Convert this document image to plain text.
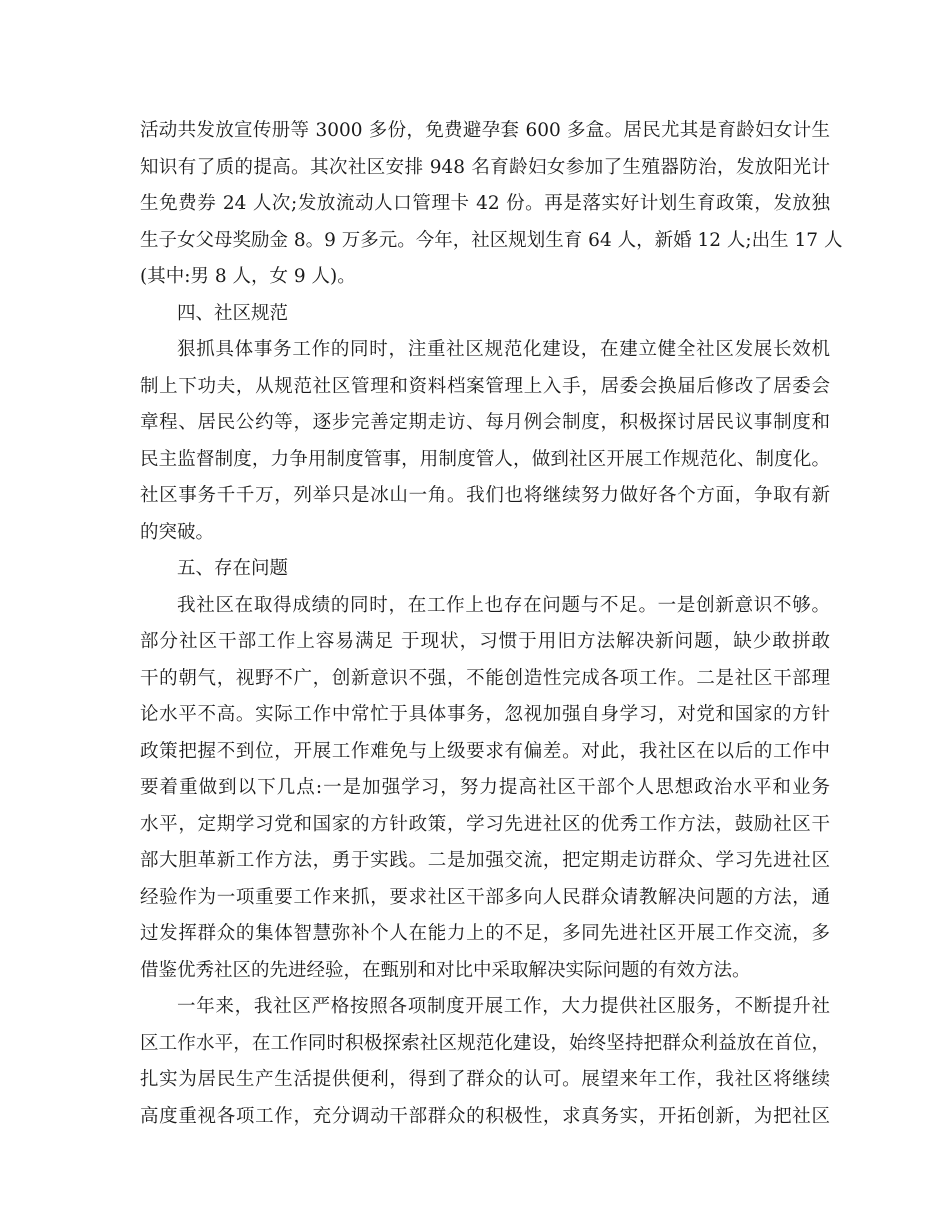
活动共发放宣传册等 3000 多份，免费避孕套 600 多盒。居民尤其是育龄妇女计生
知识有了质的提高。其次社区安排 948 名育龄妇女参加了生殖器防治，发放阳光计
生免费券 24 人次;发放流动人口管理卡 42 份。再是落实好计划生育政策，发放独
生子女父母奖励金 8。9 万多元。今年，社区规划生育 64 人，新婚 12 人;出生 17 人
(其中:男 8 人，女 9 人)。
四、社区规范
狠抓具体事务工作的同时，注重社区规范化建设，在建立健全社区发展长效机
制上下功夫，从规范社区管理和资料档案管理上入手，居委会换届后修改了居委会
章程、居民公约等，逐步完善定期走访、每月例会制度，积极探讨居民议事制度和
民主监督制度，力争用制度管事，用制度管人，做到社区开展工作规范化、制度化。
社区事务千千万，列举只是冰山一角。我们也将继续努力做好各个方面，争取有新
的突破。
五、存在问题
我社区在取得成绩的同时，在工作上也存在问题与不足。一是创新意识不够。
部分社区干部工作上容易满足 于现状，习惯于用旧方法解决新问题，缺少敢拼敢
干的朝气，视野不广，创新意识不强，不能创造性完成各项工作。二是社区干部理
论水平不高。实际工作中常忙于具体事务，忽视加强自身学习，对党和国家的方针
政策把握不到位，开展工作难免与上级要求有偏差。对此，我社区在以后的工作中
要着重做到以下几点:一是加强学习，努力提高社区干部个人思想政治水平和业务
水平，定期学习党和国家的方针政策，学习先进社区的优秀工作方法，鼓励社区干
部大胆革新工作方法，勇于实践。二是加强交流，把定期走访群众、学习先进社区
经验作为一项重要工作来抓，要求社区干部多向人民群众请教解决问题的方法，通
过发挥群众的集体智慧弥补个人在能力上的不足，多同先进社区开展工作交流，多
借鉴优秀社区的先进经验，在甄别和对比中采取解决实际问题的有效方法。
一年来，我社区严格按照各项制度开展工作，大力提供社区服务，不断提升社
区工作水平，在工作同时积极探索社区规范化建设，始终坚持把群众利益放在首位，
扎实为居民生产生活提供便利，得到了群众的认可。展望来年工作，我社区将继续
高度重视各项工作，充分调动干部群众的积极性，求真务实，开拓创新，为把社区
